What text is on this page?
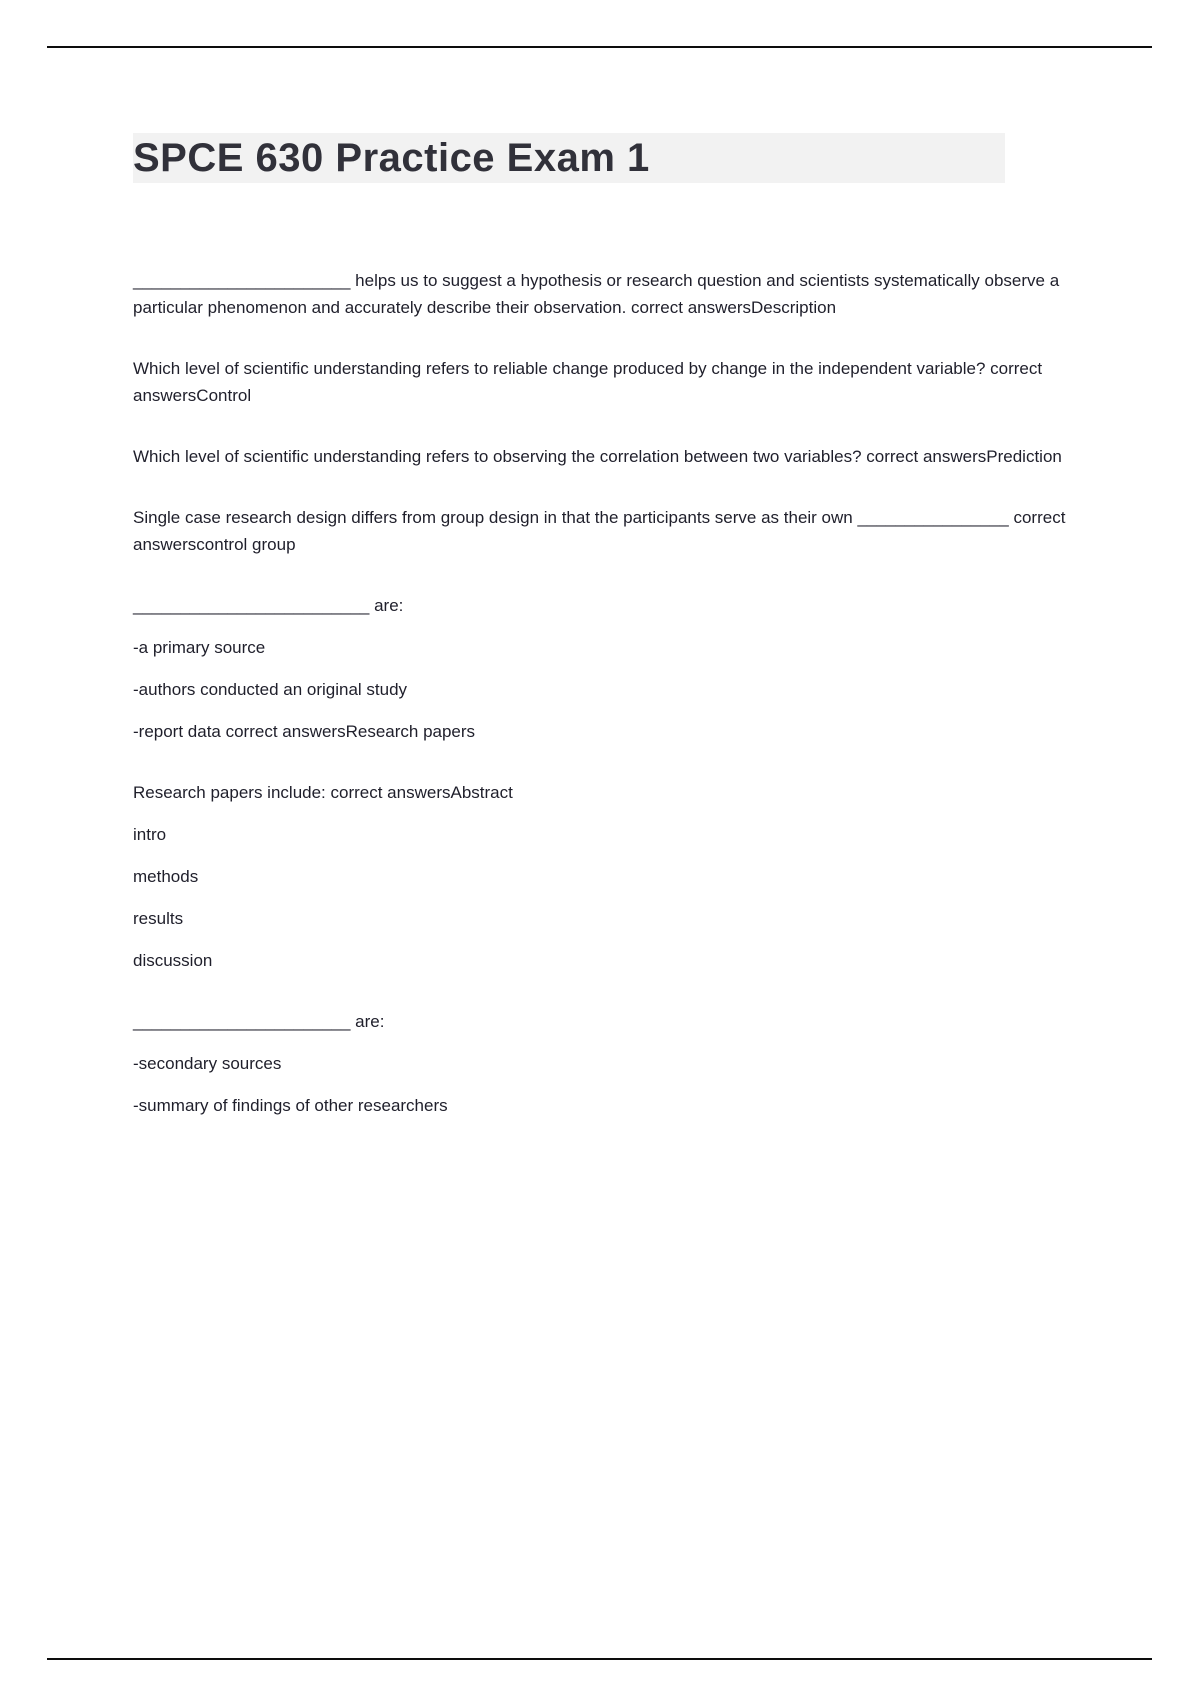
SPCE 630 Practice Exam 1

_______________________ helps us to suggest a hypothesis or research question and scientists systematically observe a particular phenomenon and accurately describe their observation. correct answersDescription

Which level of scientific understanding refers to reliable change produced by change in the independent variable? correct answersControl

Which level of scientific understanding refers to observing the correlation between two variables? correct answersPrediction

Single case research design differs from group design in that the participants serve as their own ________________ correct answerscontrol group

_________________________ are:

-a primary source

-authors conducted an original study

-report data correct answersResearch papers

Research papers include: correct answersAbstract

intro

methods

results

discussion

_______________________ are:

-secondary sources

-summary of findings of other researchers
